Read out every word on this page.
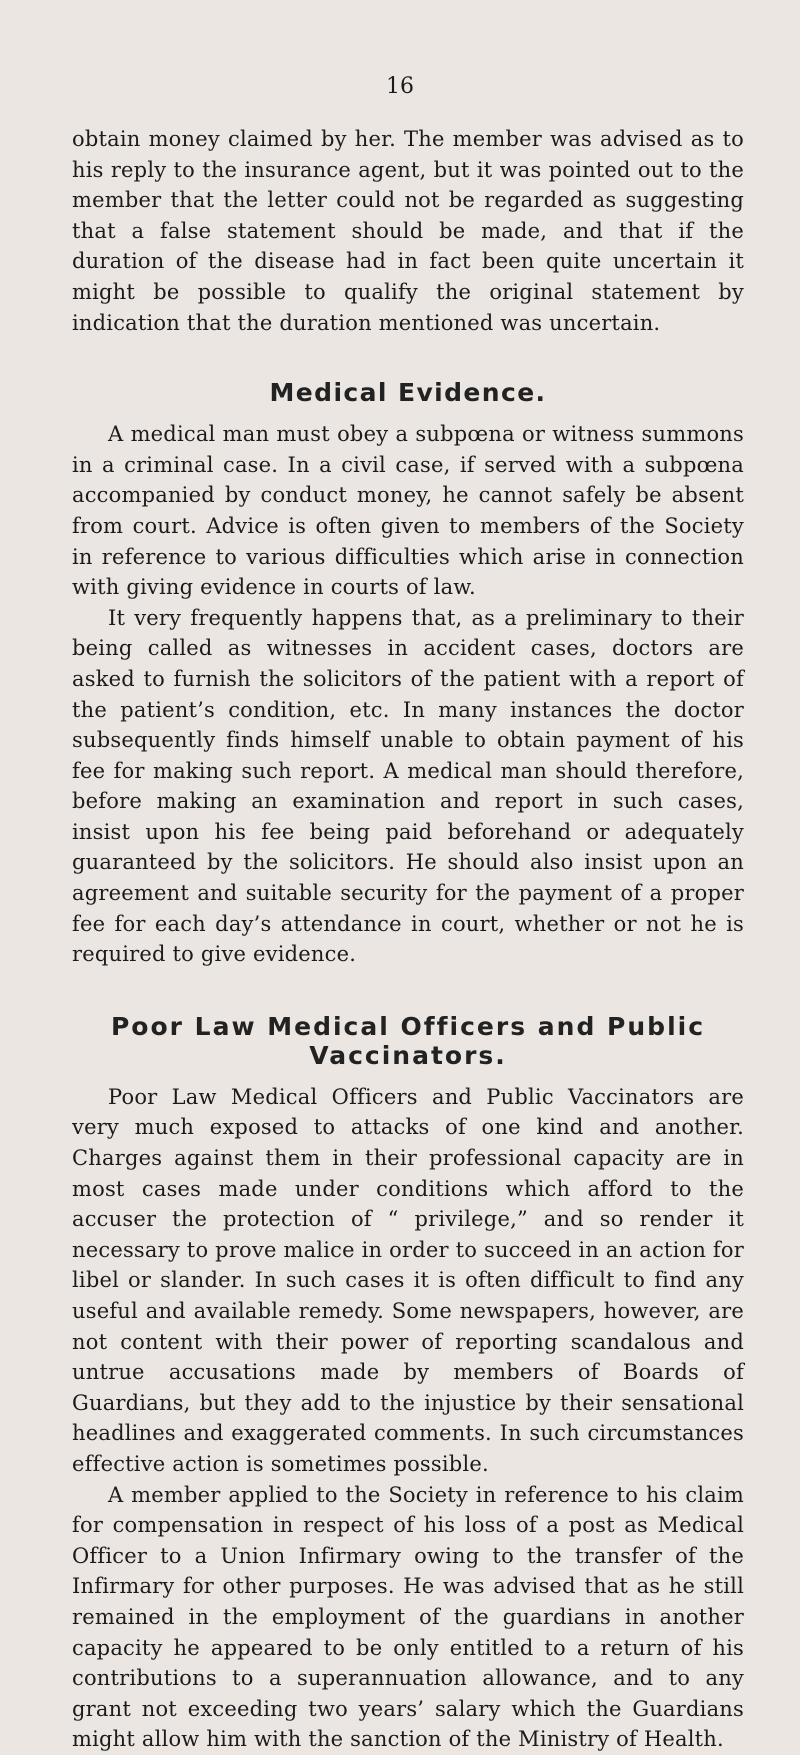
16

obtain money claimed by her. The member was advised as to his reply to the insurance agent, but it was pointed out to the member that the letter could not be regarded as suggesting that a false statement should be made, and that if the duration of the disease had in fact been quite uncertain it might be possible to qualify the original statement by indication that the duration mentioned was uncertain.

Medical Evidence.

A medical man must obey a subpœna or witness summons in a criminal case. In a civil case, if served with a subpœna accompanied by conduct money, he cannot safely be absent from court. Advice is often given to members of the Society in reference to various difficulties which arise in connection with giving evidence in courts of law.

It very frequently happens that, as a preliminary to their being called as witnesses in accident cases, doctors are asked to furnish the solicitors of the patient with a report of the patient’s condition, etc. In many instances the doctor subsequently finds himself unable to obtain payment of his fee for making such report. A medical man should therefore, before making an examination and report in such cases, insist upon his fee being paid beforehand or adequately guaranteed by the solicitors. He should also insist upon an agreement and suitable security for the payment of a proper fee for each day’s attendance in court, whether or not he is required to give evidence.

Poor Law Medical Officers and Public Vaccinators.

Poor Law Medical Officers and Public Vaccinators are very much exposed to attacks of one kind and another. Charges against them in their professional capacity are in most cases made under conditions which afford to the accuser the protection of “ privilege,” and so render it necessary to prove malice in order to succeed in an action for libel or slander. In such cases it is often difficult to find any useful and available remedy. Some newspapers, however, are not content with their power of reporting scandalous and untrue accusations made by members of Boards of Guardians, but they add to the injustice by their sensational headlines and exaggerated comments. In such circumstances effective action is sometimes possible.

A member applied to the Society in reference to his claim for compensation in respect of his loss of a post as Medical Officer to a Union Infirmary owing to the transfer of the Infirmary for other purposes. He was advised that as he still remained in the employment of the guardians in another capacity he appeared to be only entitled to a return of his contributions to a superannuation allowance, and to any grant not exceeding two years’ salary which the Guardians might allow him with the sanction of the Ministry of Health.
